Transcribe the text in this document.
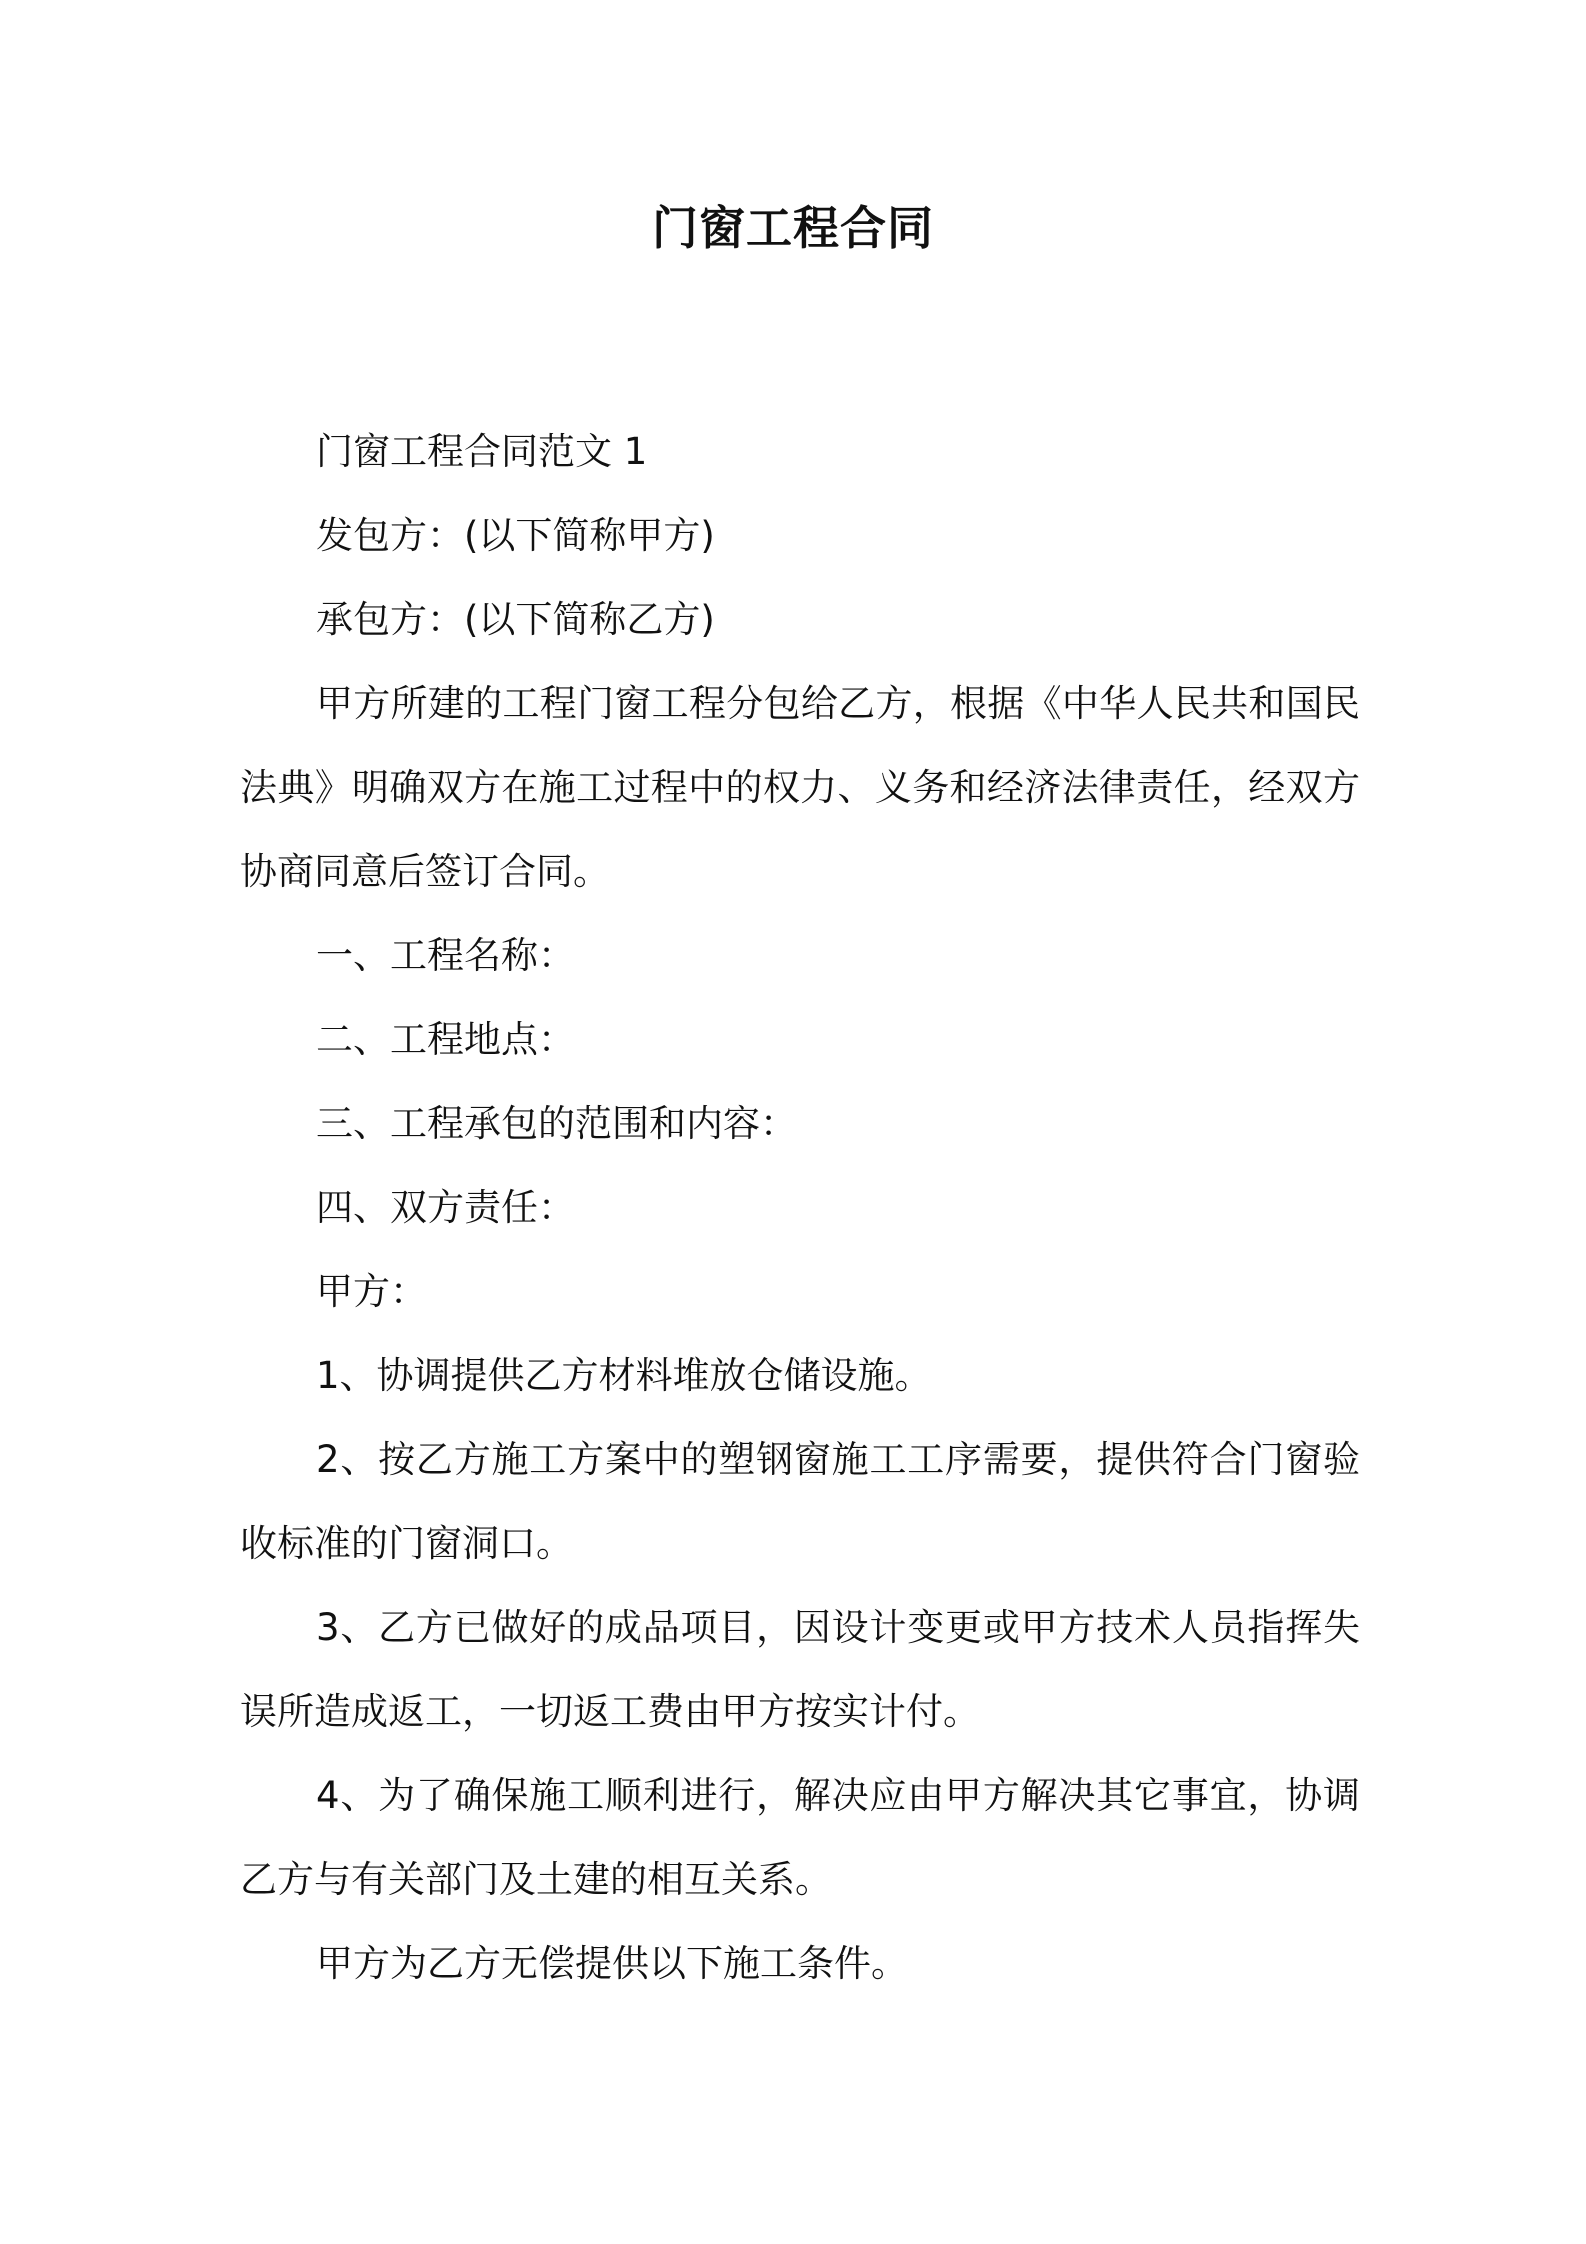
门窗工程合同

门窗工程合同范文 1

发包方：(以下简称甲方)

承包方：(以下简称乙方)

甲方所建的工程门窗工程分包给乙方，根据《中华人民共和国民法典》明确双方在施工过程中的权力、义务和经济法律责任，经双方协商同意后签订合同。

一、工程名称：

二、工程地点：

三、工程承包的范围和内容：

四、双方责任：

甲方：

1、协调提供乙方材料堆放仓储设施。

2、按乙方施工方案中的塑钢窗施工工序需要，提供符合门窗验收标准的门窗洞口。

3、乙方已做好的成品项目，因设计变更或甲方技术人员指挥失误所造成返工，一切返工费由甲方按实计付。

4、为了确保施工顺利进行，解决应由甲方解决其它事宜，协调乙方与有关部门及土建的相互关系。

甲方为乙方无偿提供以下施工条件。
